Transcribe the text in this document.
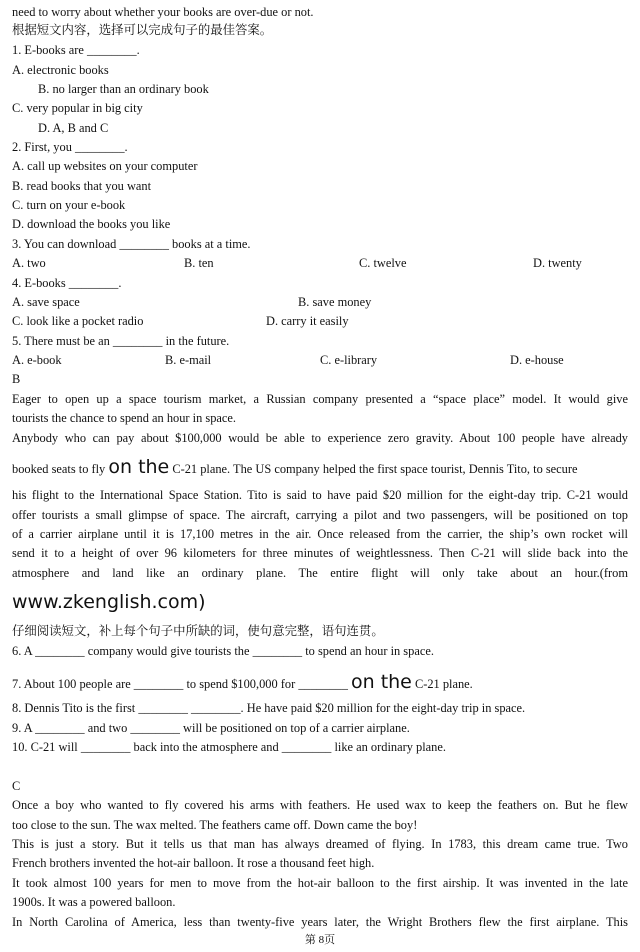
need to worry about whether your books are over-due or not.
根据短文内容，选择可以完成句子的最佳答案。
1. E-books are ________.
A. electronic books
B. no larger than an ordinary book
C. very popular in big city
D. A, B and C
2. First, you ________.
A. call up websites on your computer
B. read books that you want
C. turn on your e-book
D. download the books you like
3. You can download ________ books at a time.
A. two	B. ten	C. twelve	D. twenty
4. E-books ________.
A. save space	B. save money
C. look like a pocket radio	D. carry it easily
5. There must be an ________ in the future.
A. e-book	B. e-mail	C. e-library	D. e-house
B
Eager to open up a space tourism market, a Russian company presented a “space place” model. It would give
tourists the chance to spend an hour in space.
Anybody who can pay about $100,000 would be able to experience zero gravity. About 100 people have already
booked seats to fly on the C-21 plane. The US company helped the first space tourist, Dennis Tito, to secure
his flight to the International Space Station. Tito is said to have paid $20 million for the eight-day trip. C-21 would
offer tourists a small glimpse of space. The aircraft, carrying a pilot and two passengers, will be positioned on top
of a carrier airplane until it is 17,100 metres in the air. Once released from the carrier, the ship’s own rocket will
send it to a height of over 96 kilometers for three minutes of weightlessness. Then C-21 will slide back into the
atmosphere and land like an ordinary plane. The entire flight will only take about an hour.(from
www.zkenglish.com)
仔细阅读短文，补上每个句子中所缺的词，使句意完整，语句连贯。
6. A ________ company would give tourists the ________ to spend an hour in space.
7. About 100 people are ________ to spend $100,000 for ________ on the C-21 plane.
8. Dennis Tito is the first ________ ________. He have paid $20 million for the eight-day trip in space.
9. A ________ and two ________ will be positioned on top of a carrier airplane.
10. C-21 will ________ back into the atmosphere and ________ like an ordinary plane.
C
Once a boy who wanted to fly covered his arms with feathers. He used wax to keep the feathers on. But he flew
too close to the sun. The wax melted. The feathers came off. Down came the boy!
This is just a story. But it tells us that man has always dreamed of flying. In 1783, this dream came true. Two
French brothers invented the hot-air balloon. It rose a thousand feet high.
It took almost 100 years for men to move from the hot-air balloon to the first airship. It was invented in the late
1900s. It was a powered balloon.
In North Carolina of America, less than twenty-five years later, the Wright Brothers flew the first airplane. This
第 8页
